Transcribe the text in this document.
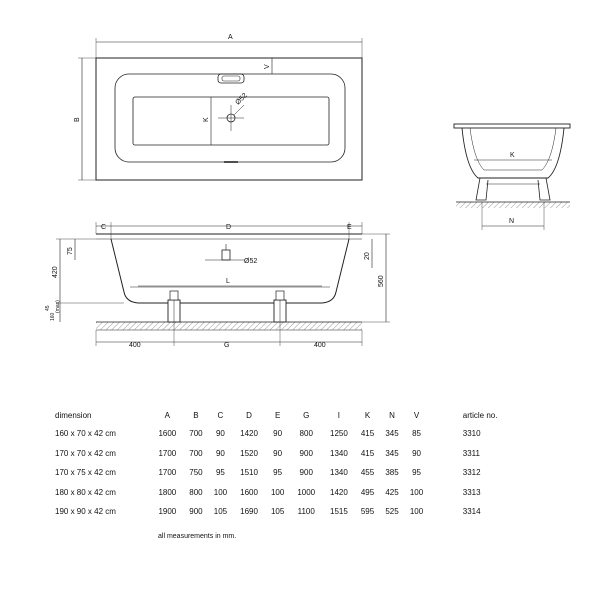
A
B
V
K
Ø52
Ø52
L
C	D	E
75
420
45
160
(max)
20
560
400	G	400
K
N
dimension	A	B	C	D	E	G	I	K	N	V	article no.
160 x 70 x 42 cm	1600	700	90	1420	90	800	1250	415	345	85	3310
170 x 70 x 42 cm	1700	700	90	1520	90	900	1340	415	345	90	3311
170 x 75 x 42 cm	1700	750	95	1510	95	900	1340	455	385	95	3312
180 x 80 x 42 cm	1800	800	100	1600	100	1000	1420	495	425	100	3313
190 x 90 x 42 cm	1900	900	105	1690	105	1100	1515	595	525	100	3314
all measurements in mm.
